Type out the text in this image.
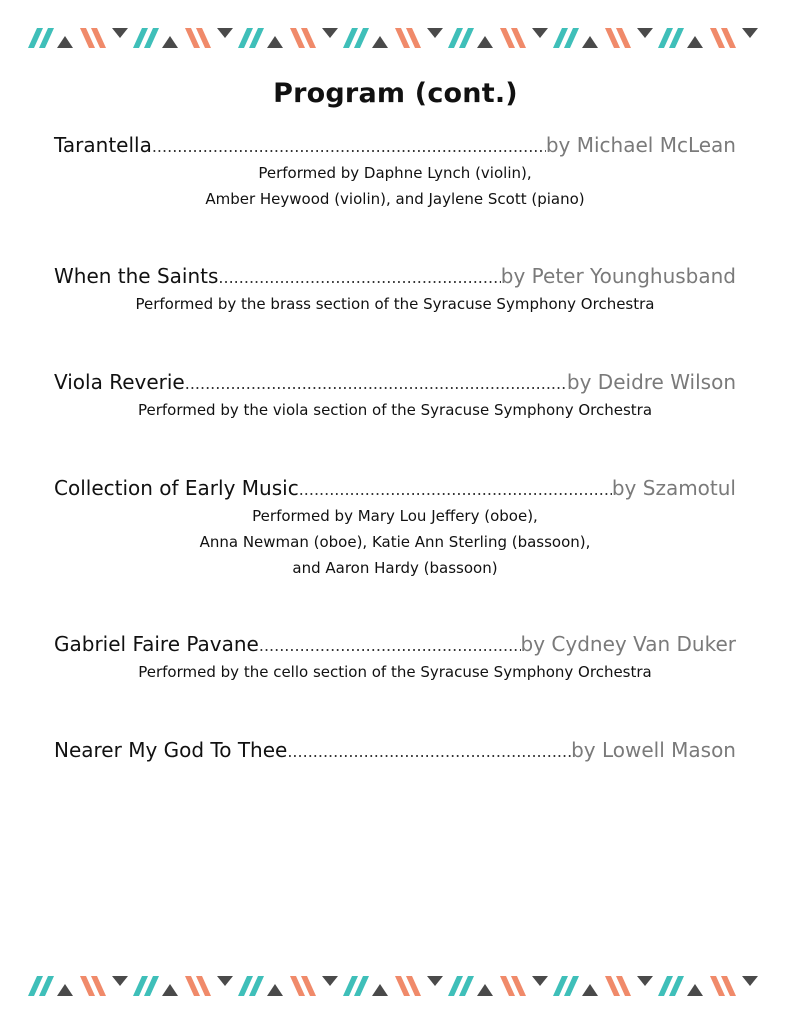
Program (cont.)
Tarantella .....	by Michael McLean
Performed by Daphne Lynch (violin),
Amber Heywood (violin), and Jaylene Scott (piano)
When the Saints .....	by Peter Younghusband
Performed by the brass section of the Syracuse Symphony Orchestra
Viola Reverie .....	by Deidre Wilson
Performed by the viola section of the Syracuse Symphony Orchestra
Collection of Early Music .....	by Szamotul
Performed by Mary Lou Jeffery (oboe),
Anna Newman (oboe), Katie Ann Sterling (bassoon),
and Aaron Hardy (bassoon)
Gabriel Faire Pavane .....	by Cydney Van Duker
Performed by the cello section of the Syracuse Symphony Orchestra
Nearer My God To Thee .....	by Lowell Mason
